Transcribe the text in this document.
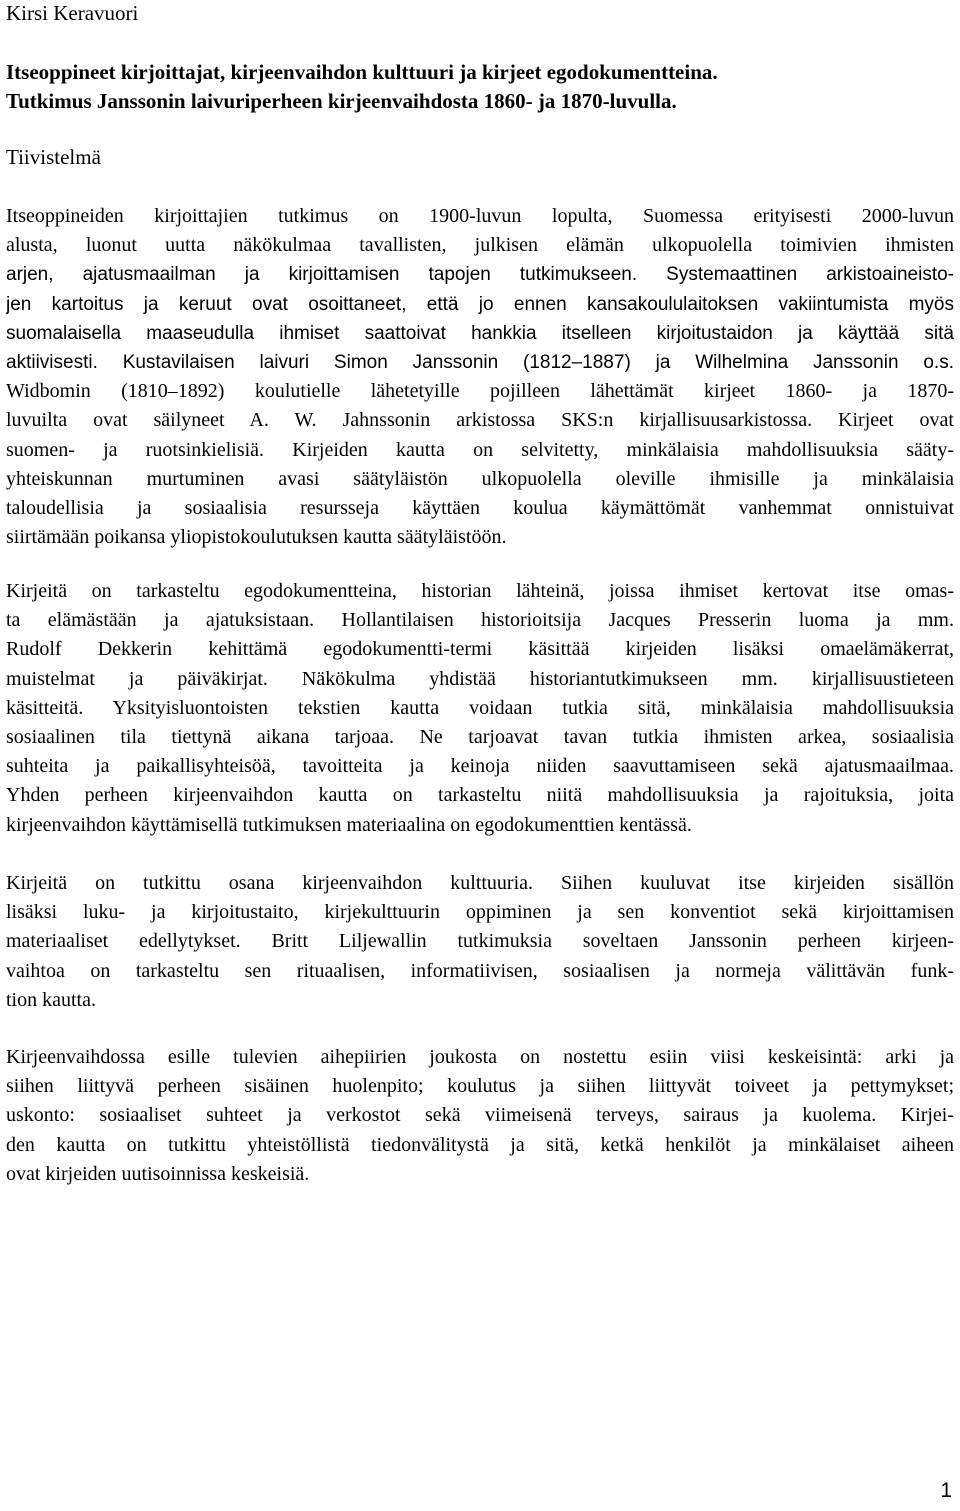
Kirsi Keravuori
Itseoppineet kirjoittajat, kirjeenvaihdon kulttuuri ja kirjeet egodokumentteina.
Tutkimus Janssonin laivuriperheen kirjeenvaihdosta 1860- ja 1870-luvulla.
Tiivistelmä
Itseoppineiden kirjoittajien tutkimus on 1900-luvun lopulta, Suomessa erityisesti 2000-luvun
alusta, luonut uutta näkökulmaa tavallisten, julkisen elämän ulkopuolella toimivien ihmisten
arjen, ajatusmaailman ja kirjoittamisen tapojen tutkimukseen. Systemaattinen arkistoaineisto-
jen kartoitus ja keruut ovat osoittaneet, että jo ennen kansakoululaitoksen vakiintumista myös
suomalaisella maaseudulla ihmiset saattoivat hankkia itselleen kirjoitustaidon ja käyttää sitä
aktiivisesti. Kustavilaisen laivuri Simon Janssonin (1812–1887) ja Wilhelmina Janssonin o.s.
Widbomin (1810–1892) koulutielle lähetetyille pojilleen lähettämät kirjeet 1860- ja 1870-
luvuilta ovat säilyneet A. W. Jahnssonin arkistossa SKS:n kirjallisuusarkistossa. Kirjeet ovat
suomen- ja ruotsinkielisiä. Kirjeiden kautta on selvitetty, minkälaisia mahdollisuuksia sääty-
yhteiskunnan murtuminen avasi säätyläistön ulkopuolella oleville ihmisille ja minkälaisia
taloudellisia ja sosiaalisia resursseja käyttäen koulua käymättömät vanhemmat onnistuivat
siirtämään poikansa yliopistokoulutuksen kautta säätyläistöön.
Kirjeitä on tarkasteltu egodokumentteina, historian lähteinä, joissa ihmiset kertovat itse omas-
ta elämästään ja ajatuksistaan. Hollantilaisen historioitsija Jacques Presserin luoma ja mm.
Rudolf Dekkerin kehittämä egodokumentti-termi käsittää kirjeiden lisäksi omaelämäkerrat,
muistelmat ja päiväkirjat. Näkökulma yhdistää historiantutkimukseen mm. kirjallisuustieteen
käsitteitä. Yksityisluontoisten tekstien kautta voidaan tutkia sitä, minkälaisia mahdollisuuksia
sosiaalinen tila tiettynä aikana tarjoaa. Ne tarjoavat tavan tutkia ihmisten arkea, sosiaalisia
suhteita ja paikallisyhteisöä, tavoitteita ja keinoja niiden saavuttamiseen sekä ajatusmaailmaa.
Yhden perheen kirjeenvaihdon kautta on tarkasteltu niitä mahdollisuuksia ja rajoituksia, joita
kirjeenvaihdon käyttämisellä tutkimuksen materiaalina on egodokumenttien kentässä.
Kirjeitä on tutkittu osana kirjeenvaihdon kulttuuria. Siihen kuuluvat itse kirjeiden sisällön
lisäksi luku- ja kirjoitustaito, kirjekulttuurin oppiminen ja sen konventiot sekä kirjoittamisen
materiaaliset edellytykset. Britt Liljewallin tutkimuksia soveltaen Janssonin perheen kirjeen-
vaihtoa on tarkasteltu sen rituaalisen, informatiivisen, sosiaalisen ja normeja välittävän funk-
tion kautta.
Kirjeenvaihdossa esille tulevien aihepiirien joukosta on nostettu esiin viisi keskeisintä: arki ja
siihen liittyvä perheen sisäinen huolenpito; koulutus ja siihen liittyvät toiveet ja pettymykset;
uskonto: sosiaaliset suhteet ja verkostot sekä viimeisenä terveys, sairaus ja kuolema. Kirjei-
den kautta on tutkittu yhteistöllistä tiedonvälitystä ja sitä, ketkä henkilöt ja minkälaiset aiheen
ovat kirjeiden uutisoinnissa keskeisiä.
1
